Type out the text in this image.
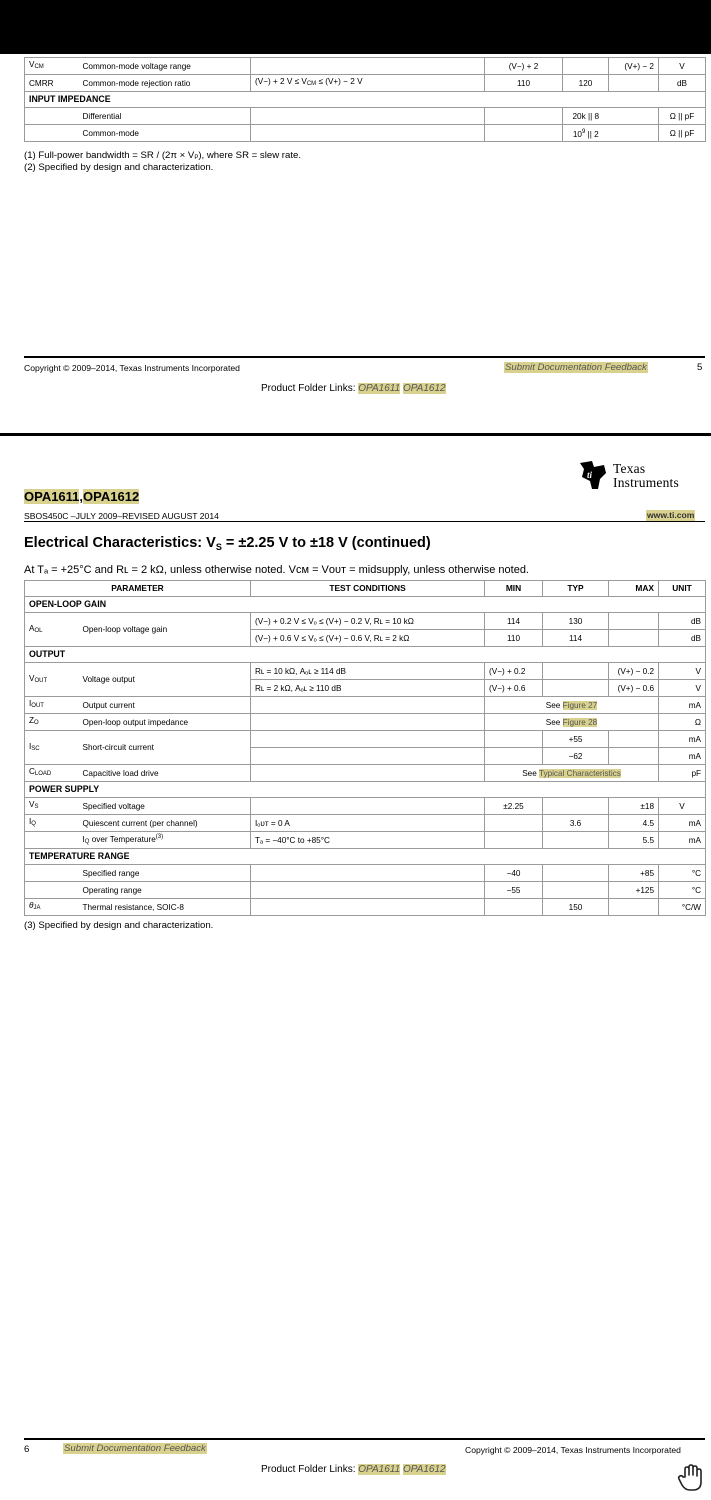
VCM	Common-mode voltage range		(V−) + 2		(V+) − 2	V
CMRR	Common-mode rejection ratio	(V−) + 2 V ≤ VCM ≤ (V+) − 2 V	110	120		dB
INPUT IMPEDANCE						
	Differential			20k || 8		Ω || pF
	Common-mode			$10^9$ || 2		Ω || pF
(1) Full-power bandwidth = SR / (2π × VP), where SR = slew rate.
(2) Specified by design and characterization.
Copyright © 2009–2014, Texas Instruments Incorporated	Submit Documentation Feedback	5
Product Folder Links: OPA1611 OPA1612
ti Texas
Instruments
OPA1611,OPA1612
SBOS450C –JULY 2009–REVISED AUGUST 2014	www.ti.com
Electrical Characteristics: $V_S = \pm 2.25$ V to ±18 V (continued)
At Tₐ = +25°C and Rʟ = 2 kΩ, unless otherwise noted. Vᴄᴍ = Vᴏᴜᴛ = midsupply, unless otherwise noted.
PARAMETER		TEST CONDITIONS	MIN	TYP	MAX	UNIT
OPEN-LOOP GAIN						
AOL	Open-loop voltage gain	(V−) + 0.2 V ≤ Vₒ ≤ (V+) − 0.2 V, Rʟ = 10 kΩ	114	130		dB
		(V−) + 0.6 V ≤ Vₒ ≤ (V+) − 0.6 V, Rʟ = 2 kΩ	110	114		dB
OUTPUT						
VOUT	Voltage output	Rʟ = 10 kΩ, Aₒʟ ≥ 114 dB	(V−) + 0.2		(V+) − 0.2	V
		Rʟ = 2 kΩ, Aₒʟ ≥ 110 dB	(V−) + 0.6		(V+) − 0.6	V
IOUT	Output current		See Figure 27			mA
ZO	Open-loop output impedance		See Figure 28			Ω
ISC	Short-circuit current			+55		mA
				−62		mA
CLOAD	Capacitive load drive		See Typical Characteristics			pF
POWER SUPPLY						
VS	Specified voltage		±2.25		±18	V
IQ	Quiescent current (per channel)	Iₒᴜᴛ = 0 A		3.6	4.5	mA
	IQ over Temperature$^{(3)}$	Tₐ = −40°C to +85°C			5.5	mA
TEMPERATURE RANGE						
	Specified range		−40		+85	°C
	Operating range		−55		+125	°C
θJA	Thermal resistance, SOIC-8			150		°C/W
(3) Specified by design and characterization.
6	Submit Documentation Feedback	Copyright © 2009–2014, Texas Instruments Incorporated
Product Folder Links: OPA1611 OPA1612
